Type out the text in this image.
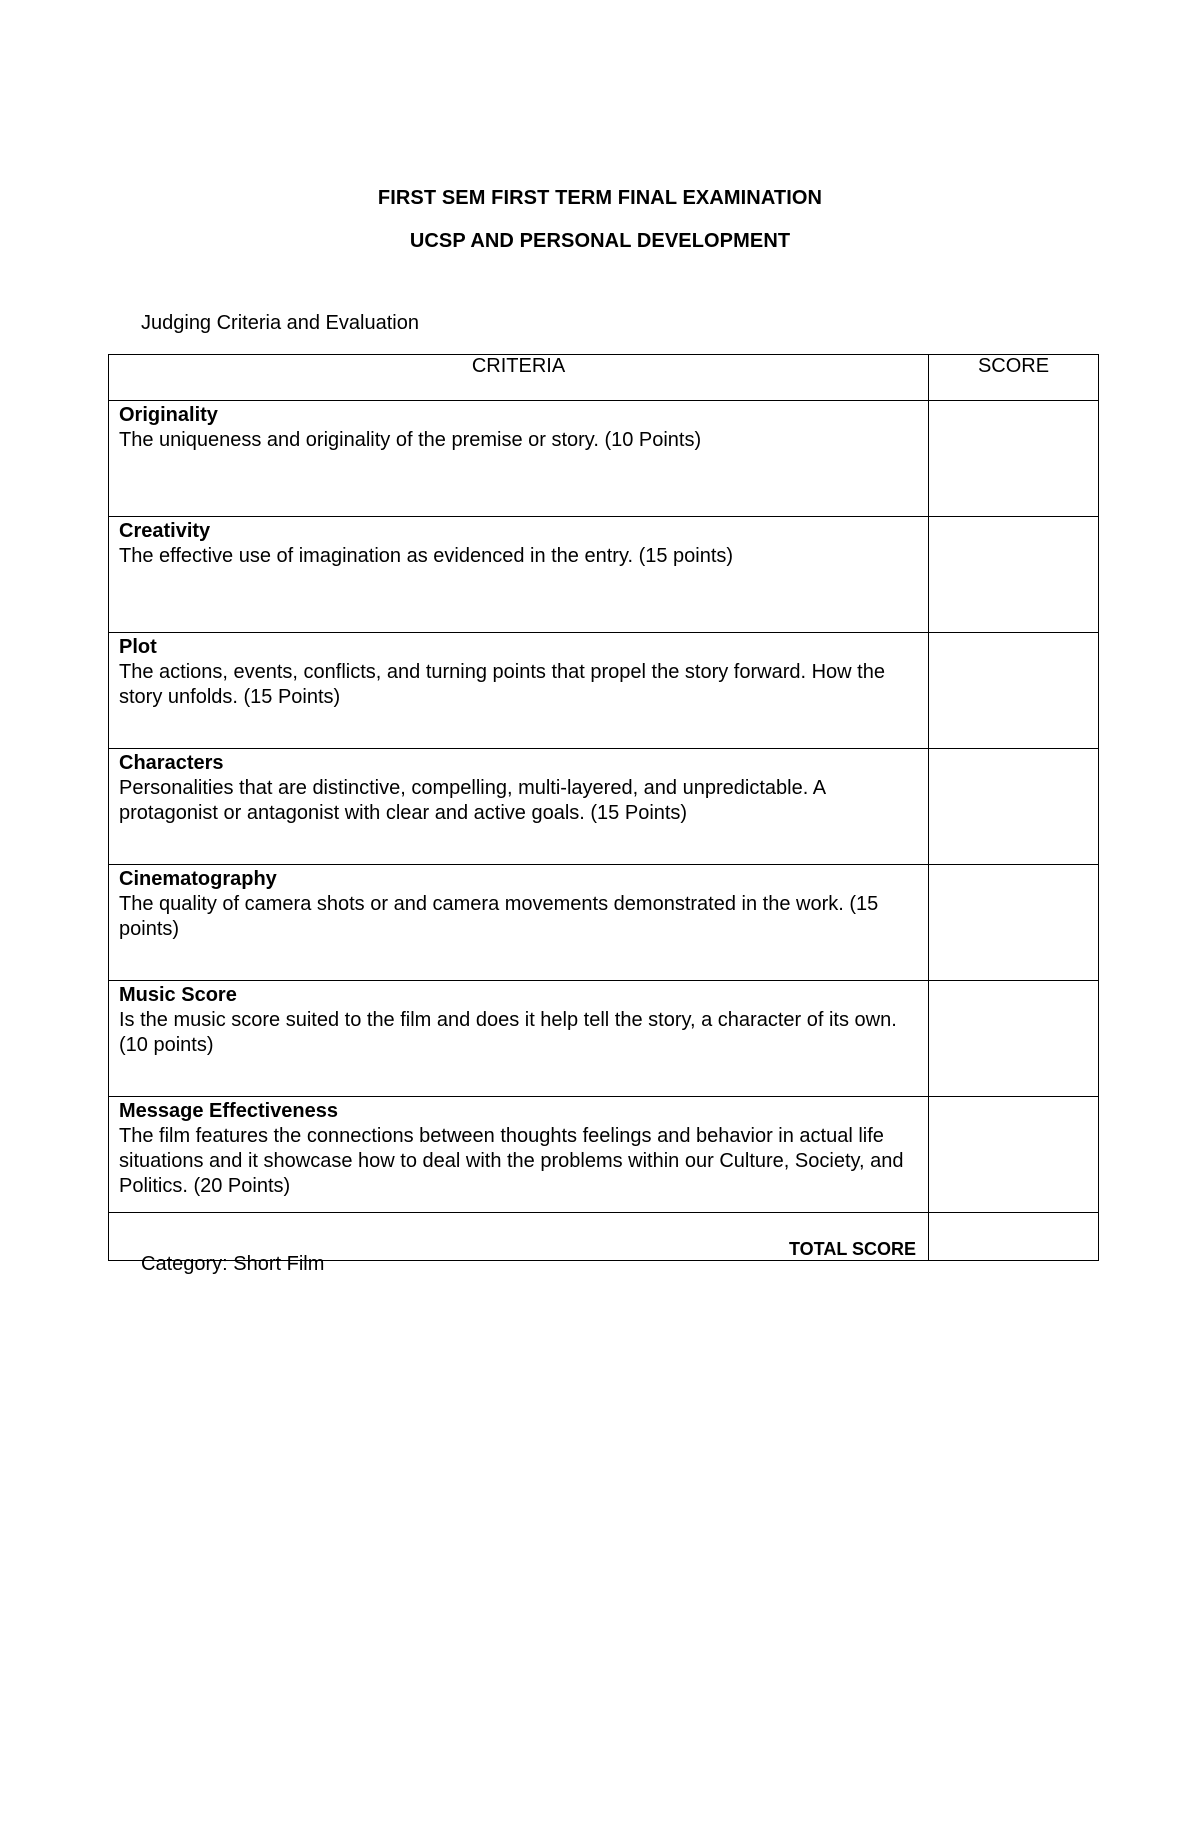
FIRST SEM FIRST TERM FINAL EXAMINATION
UCSP AND PERSONAL DEVELOPMENT
Judging Criteria and Evaluation
CRITERIA	SCORE

Originality
The uniqueness and originality of the premise or story. (10 Points)	

Creativity
The effective use of imagination as evidenced in the entry. (15 points)	

Plot
The actions, events, conflicts, and turning points that propel the story forward. How the story unfolds. (15 Points)	

Characters
Personalities that are distinctive, compelling, multi-layered, and unpredictable. A protagonist or antagonist with clear and active goals. (15 Points)	

Cinematography
The quality of camera shots or and camera movements demonstrated in the work. (15 points)	

Music Score
Is the music score suited to the film and does it help tell the story, a character of its own. (10 points)	

Message Effectiveness
The film features the connections between thoughts feelings and behavior in actual life situations and it showcase how to deal with the problems within our Culture, Society, and Politics. (20 Points)	

TOTAL SCORE	
Category: Short Film
